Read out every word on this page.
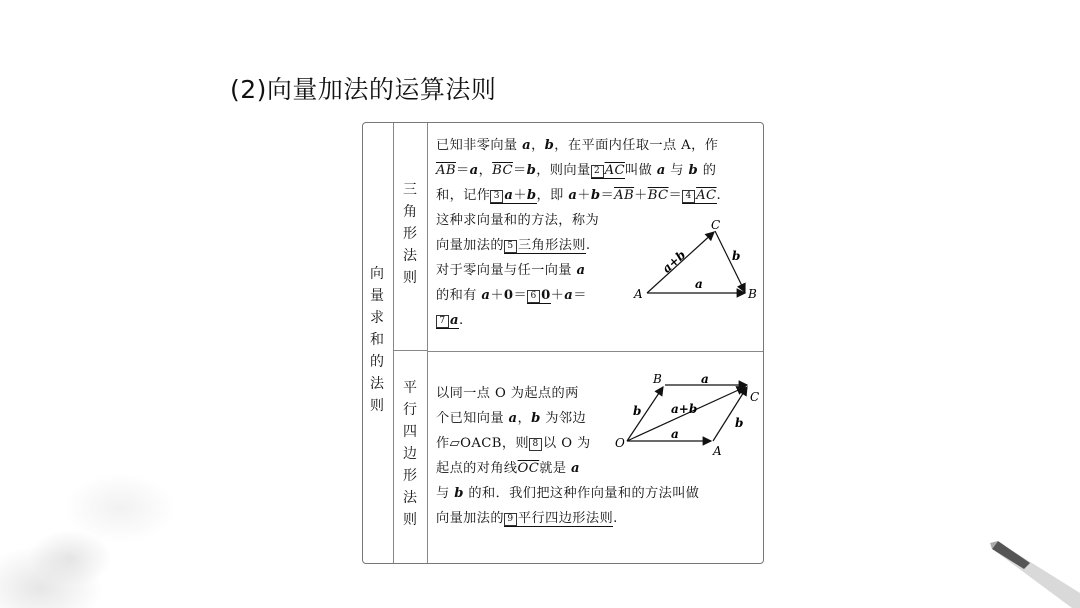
(2)向量加法的运算法则
向
量
求
和
的
法
则
三
角
形
法
则
平
行
四
边
形
法
则
已知非零向量 a，b，在平面内任取一点 A，作
$\overline{AB}=a$，$\overline{BC}=b$，则向量 2 $\overline{AC}$叫做 a 与 b 的
和，记作 3 a＋b，即 $a+b=\overline{AB}+\overline{BC}= 4$ $\overline{AC}$.
这种求向量和的方法，称为
向量加法的 5 三角形法则.
对于零向量与任一向量 a
的和有 a＋0＝ 6 0＋a＝
7 a.
A	B
C
a+b
a
b
以同一点 O 为起点的两
个已知向量 a，b 为邻边
作▱OACB，则 8 以 O 为
起点的对角线$\overline{OC}$就是 a
与 b 的和．我们把这种作向量和的方法叫做
向量加法的 9 平行四边形法则.
O
A
B
C
a+b
a
a
b
b
